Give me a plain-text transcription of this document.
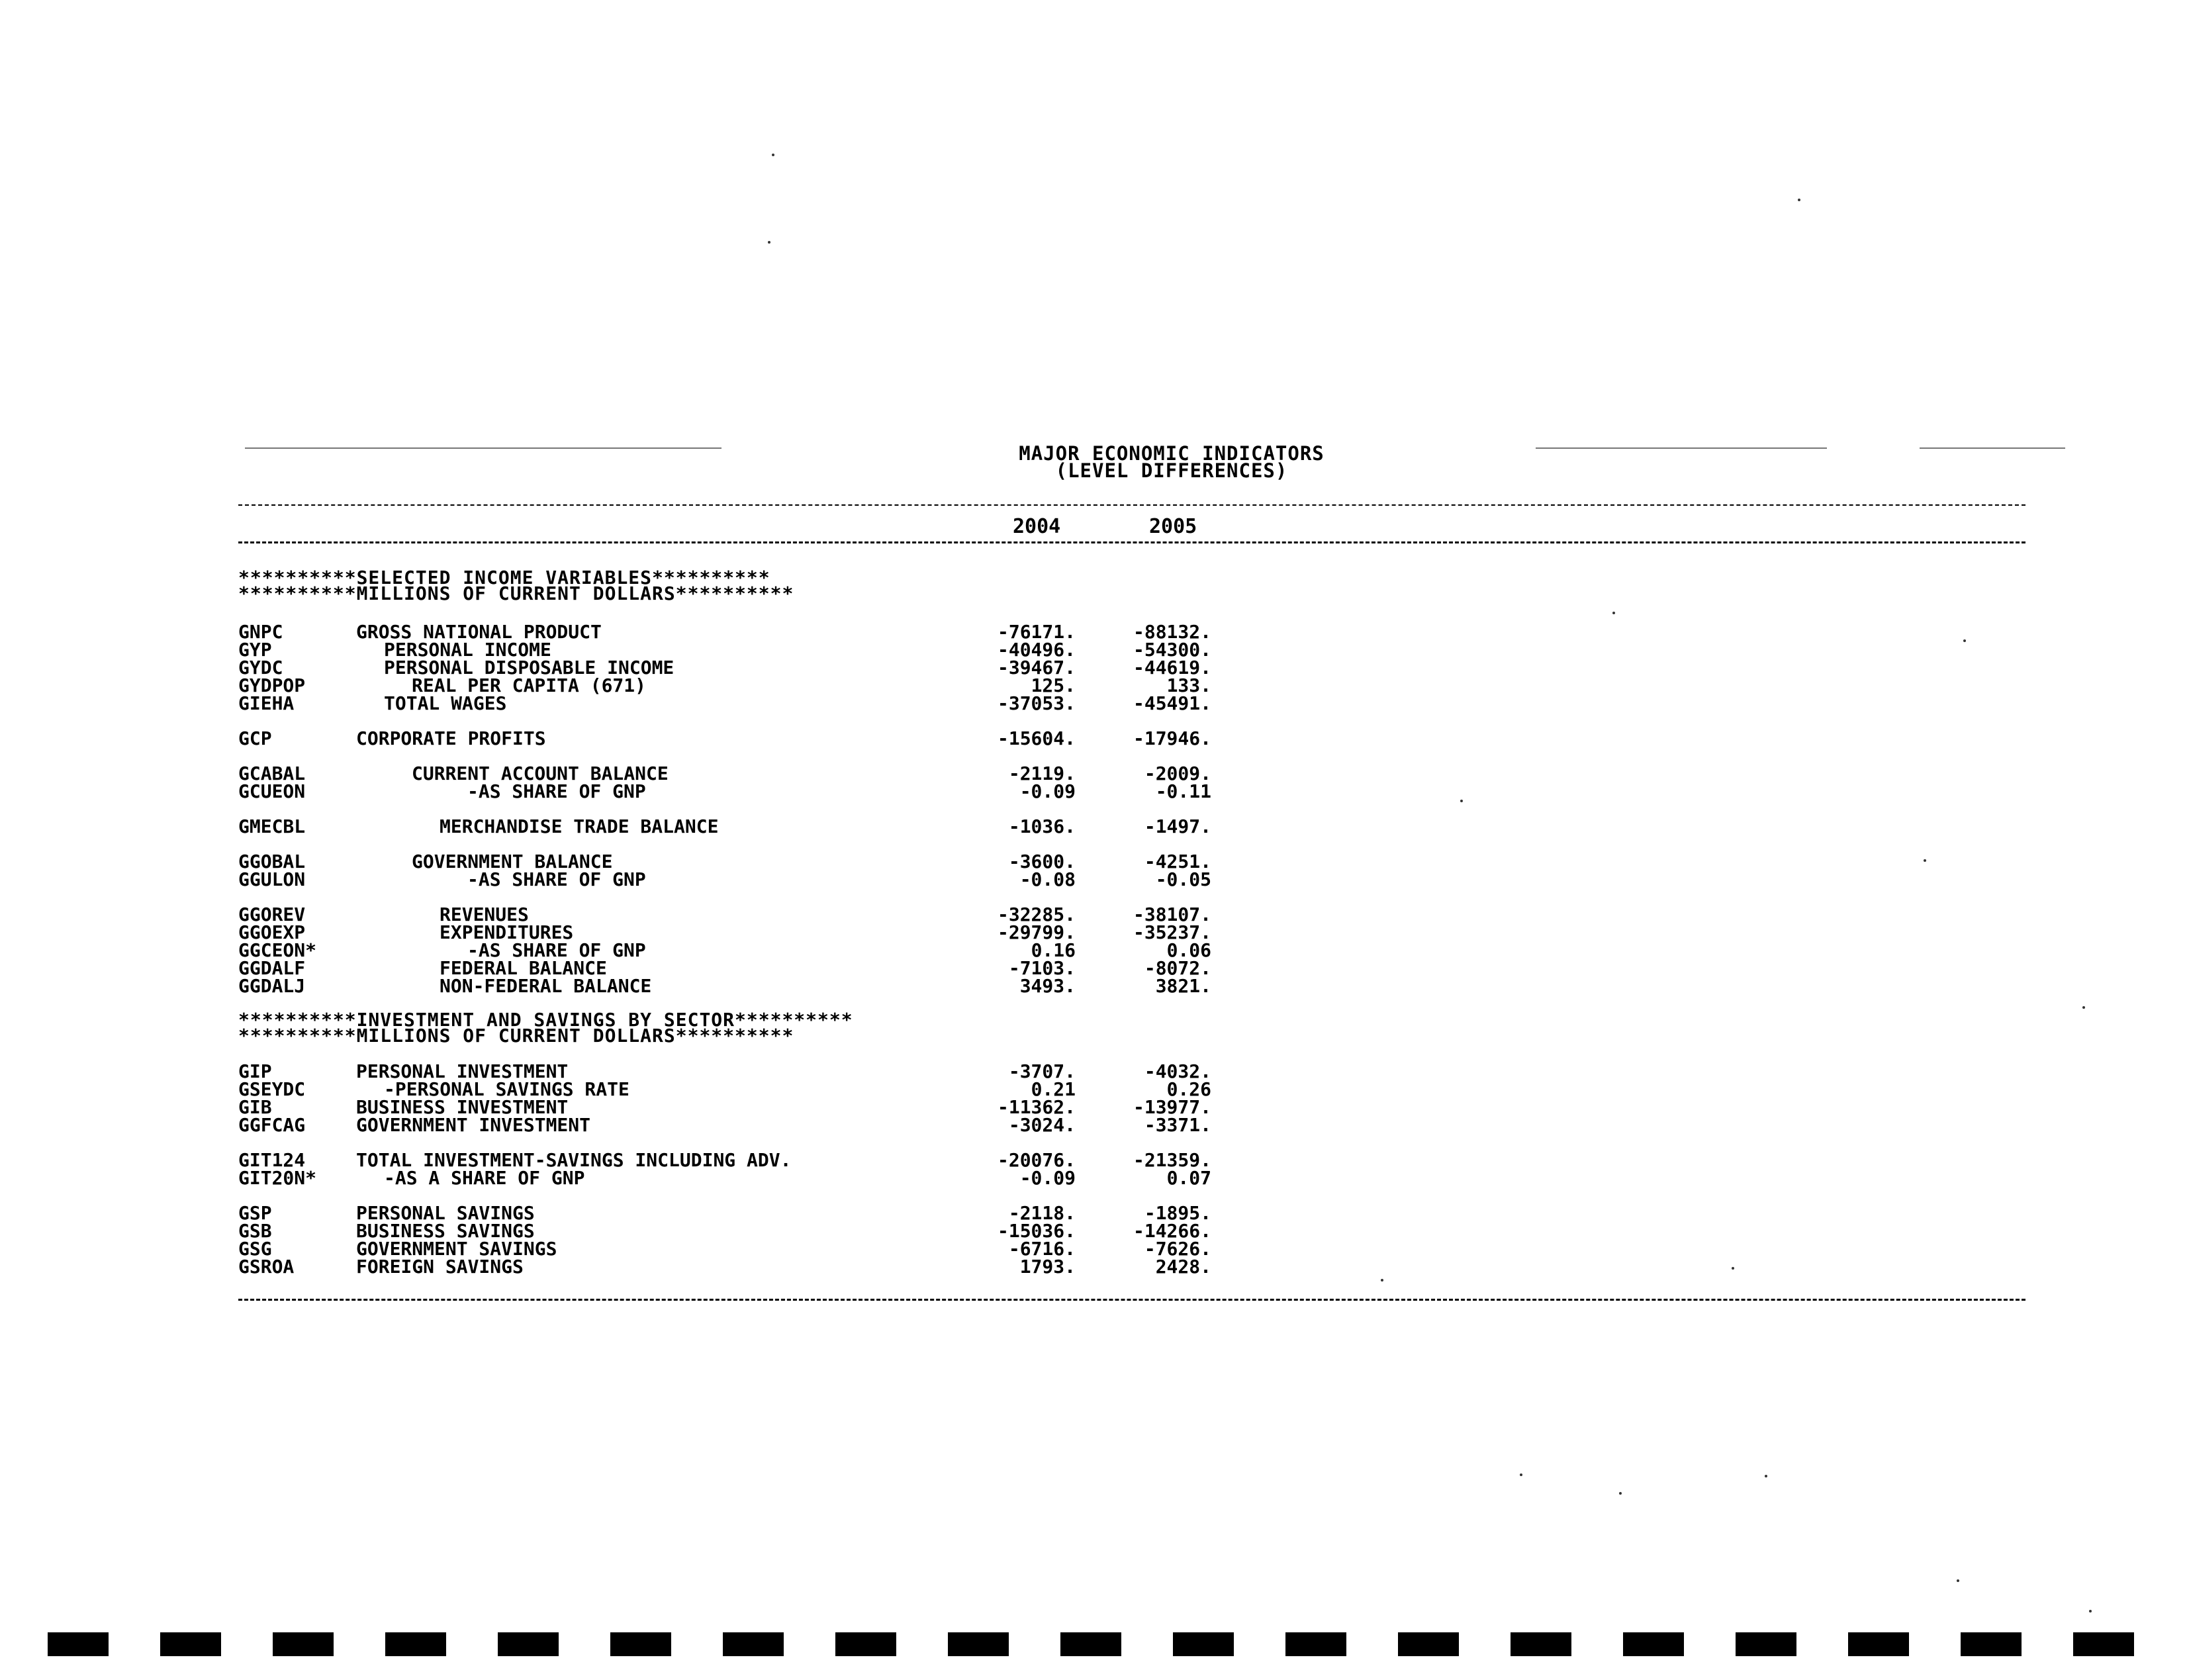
MAJOR ECONOMIC INDICATORS
(LEVEL DIFFERENCES)
2004	2005
**********SELECTED INCOME VARIABLES**********
**********MILLIONS OF CURRENT DOLLARS**********
GNPC	GROSS NATIONAL PRODUCT	-76171.	-88132.
GYP	PERSONAL INCOME	-40496.	-54300.
GYDC	PERSONAL DISPOSABLE INCOME	-39467.	-44619.
GYDPOP	REAL PER CAPITA (671)	125.	133.
GIEHA	TOTAL WAGES	-37053.	-45491.
GCP	CORPORATE PROFITS	-15604.	-17946.
GCABAL	CURRENT ACCOUNT BALANCE	-2119.	-2009.
GCUEON	-AS SHARE OF GNP	-0.09	-0.11
GMECBL	MERCHANDISE TRADE BALANCE	-1036.	-1497.
GGOBAL	GOVERNMENT BALANCE	-3600.	-4251.
GGULON	-AS SHARE OF GNP	-0.08	-0.05
GGOREV	REVENUES	-32285.	-38107.
GGOEXP	EXPENDITURES	-29799.	-35237.
GGCEON*	-AS SHARE OF GNP	0.16	0.06
GGDALF	FEDERAL BALANCE	-7103.	-8072.
GGDALJ	NON-FEDERAL BALANCE	3493.	3821.
**********INVESTMENT AND SAVINGS BY SECTOR**********
**********MILLIONS OF CURRENT DOLLARS**********
GIP	PERSONAL INVESTMENT	-3707.	-4032.
GSEYDC	-PERSONAL SAVINGS RATE	0.21	0.26
GIB	BUSINESS INVESTMENT	-11362.	-13977.
GGFCAG	GOVERNMENT INVESTMENT	-3024.	-3371.
GIT124	TOTAL INVESTMENT-SAVINGS INCLUDING ADV.	-20076.	-21359.
GIT20N*	-AS A SHARE OF GNP	-0.09	0.07
GSP	PERSONAL SAVINGS	-2118.	-1895.
GSB	BUSINESS SAVINGS	-15036.	-14266.
GSG	GOVERNMENT SAVINGS	-6716.	-7626.
GSROA	FOREIGN SAVINGS	1793.	2428.
